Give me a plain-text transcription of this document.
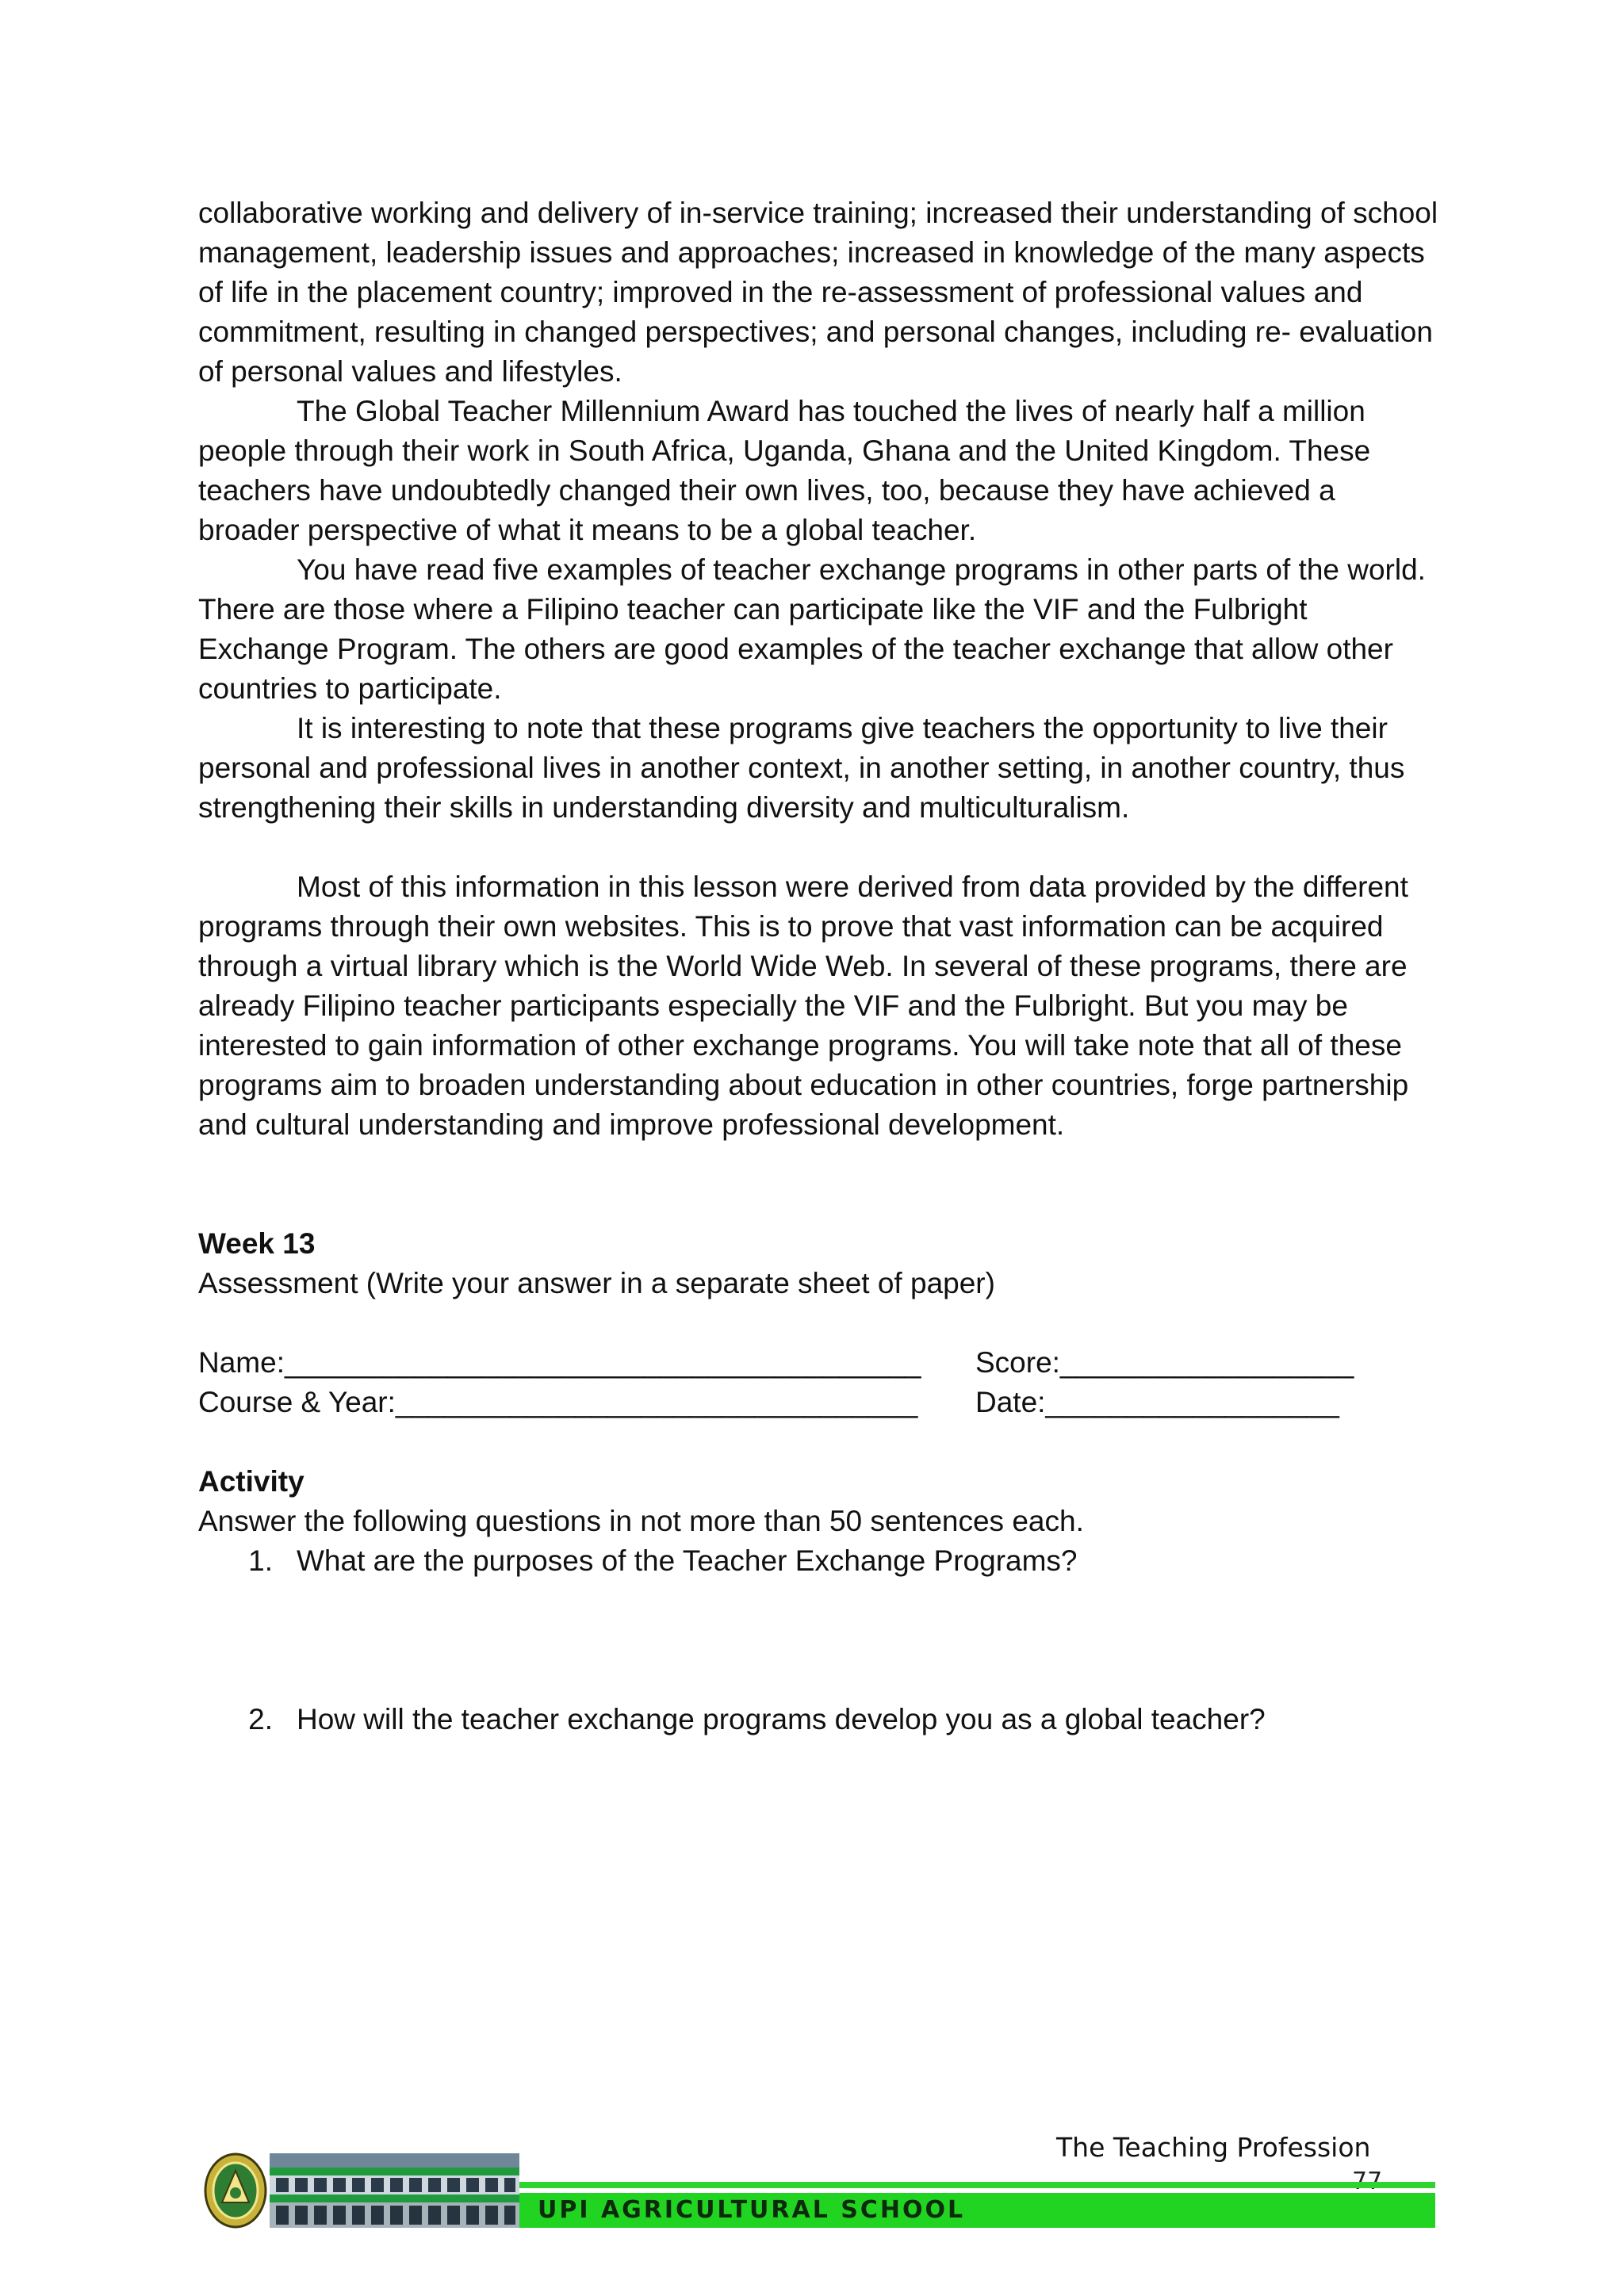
collaborative working and delivery of in-service training; increased their understanding of school management, leadership issues and approaches; increased in knowledge of the many aspects of life in the placement country; improved in the re-assessment of professional values and commitment, resulting in changed perspectives; and personal changes, including re- evaluation of personal values and lifestyles.

The Global Teacher Millennium Award has touched the lives of nearly half a million people through their work in South Africa, Uganda, Ghana and the United Kingdom. These teachers have undoubtedly changed their own lives, too, because they have achieved a broader perspective of what it means to be a global teacher.

You have read five examples of teacher exchange programs in other parts of the world. There are those where a Filipino teacher can participate like the VIF and the Fulbright Exchange Program. The others are good examples of the teacher exchange that allow other countries to participate.

It is interesting to note that these programs give teachers the opportunity to live their personal and professional lives in another context, in another setting, in another country, thus strengthening their skills in understanding diversity and multiculturalism.

Most of this information in this lesson were derived from data provided by the different programs through their own websites. This is to prove that vast information can be acquired through a virtual library which is the World Wide Web. In several of these programs, there are already Filipino teacher participants especially the VIF and the Fulbright. But you may be interested to gain information of other exchange programs. You will take note that all of these programs aim to broaden understanding about education in other countries, forge partnership and cultural understanding and improve professional development.

Week 13

Assessment (Write your answer in a separate sheet of paper)

Name:_______________________________________	Score:__________________
Course & Year:________________________________	Date:__________________

Activity

Answer the following questions in not more than 50 sentences each.

1. What are the purposes of the Teacher Exchange Programs?
2. How will the teacher exchange programs develop you as a global teacher?
The Teaching Profession
UPI AGRICULTURAL SCHOOL
